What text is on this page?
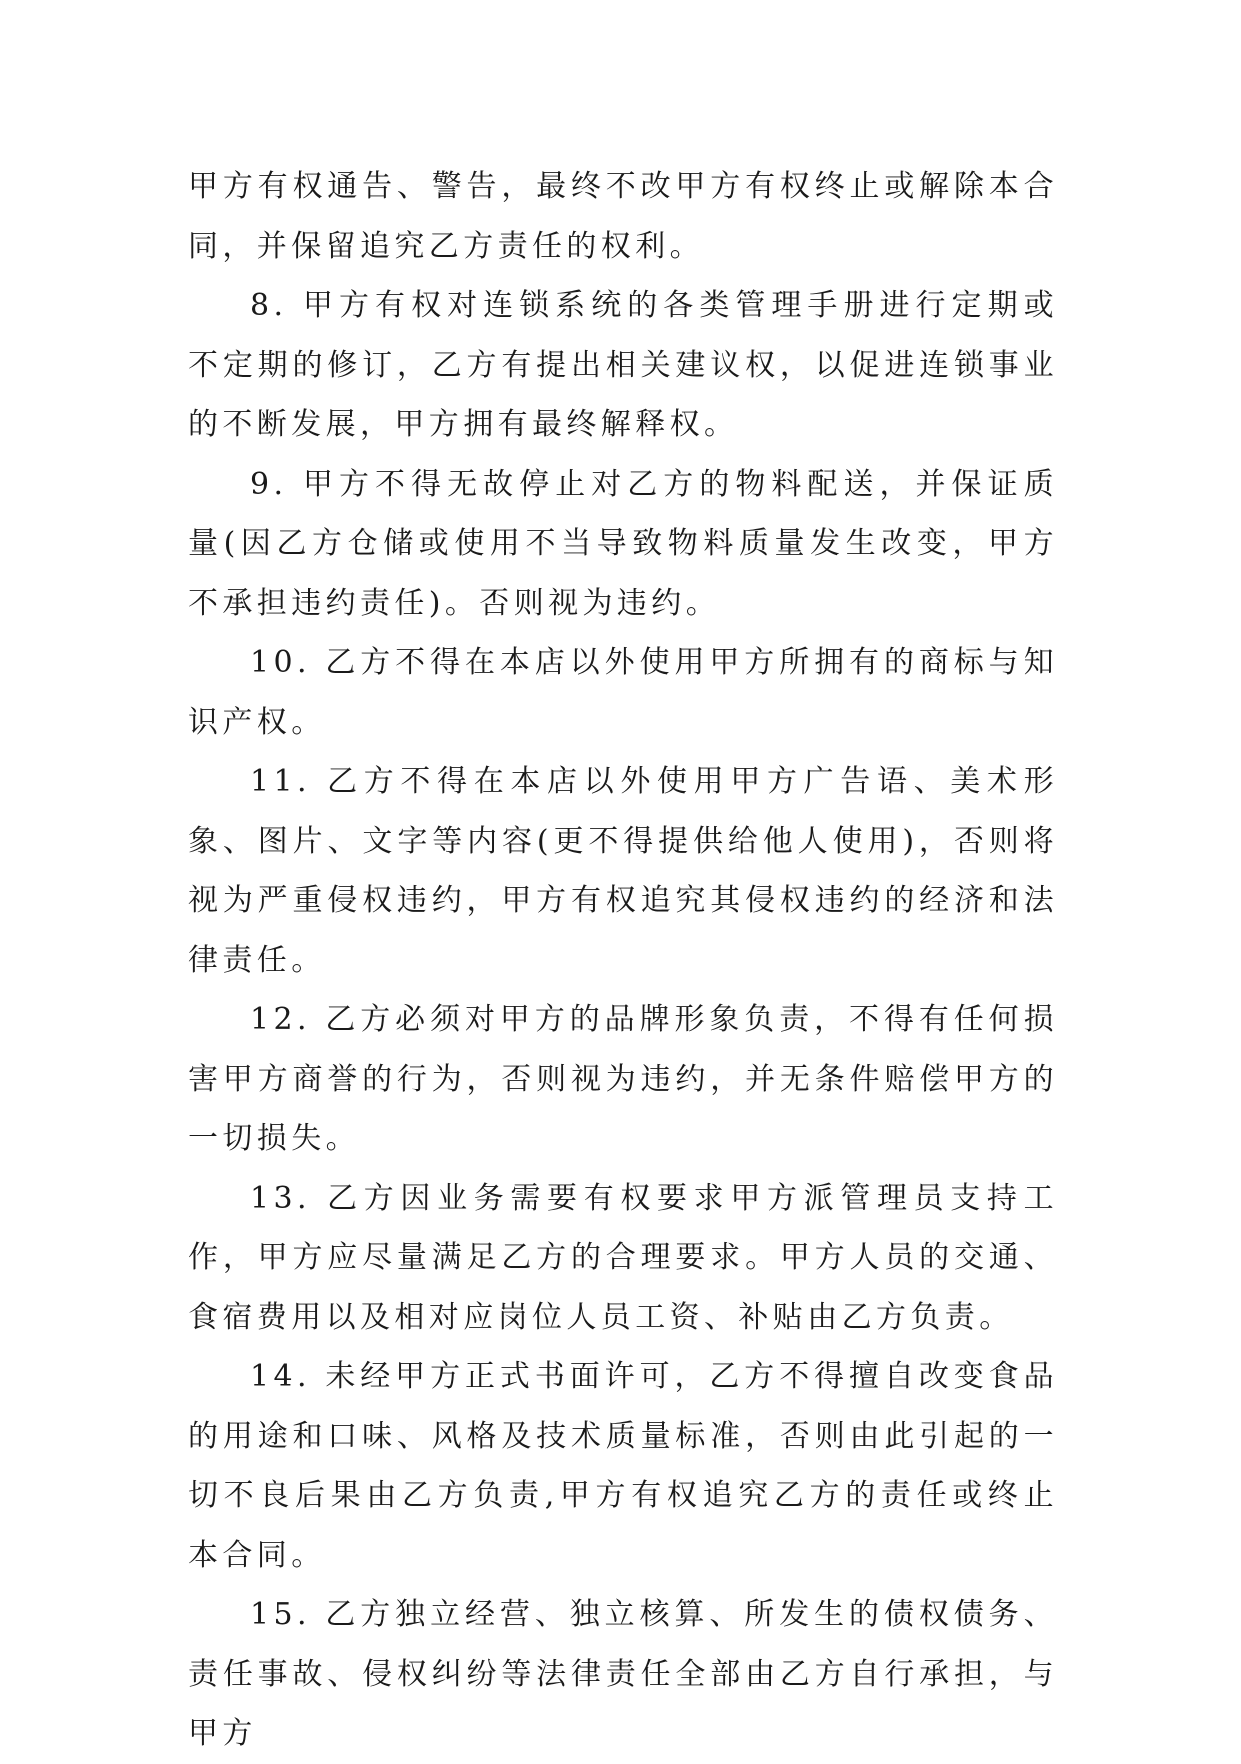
甲方有权通告、警告，最终不改甲方有权终止或解除本合同，并保留追究乙方责任的权利。

8. 甲方有权对连锁系统的各类管理手册进行定期或不定期的修订，乙方有提出相关建议权，以促进连锁事业的不断发展，甲方拥有最终解释权。

9. 甲方不得无故停止对乙方的物料配送，并保证质量(因乙方仓储或使用不当导致物料质量发生改变，甲方不承担违约责任)。否则视为违约。

10. 乙方不得在本店以外使用甲方所拥有的商标与知识产权。

11. 乙方不得在本店以外使用甲方广告语、美术形象、图片、文字等内容(更不得提供给他人使用)，否则将视为严重侵权违约，甲方有权追究其侵权违约的经济和法律责任。

12. 乙方必须对甲方的品牌形象负责，不得有任何损害甲方商誉的行为，否则视为违约，并无条件赔偿甲方的一切损失。

13. 乙方因业务需要有权要求甲方派管理员支持工作，甲方应尽量满足乙方的合理要求。甲方人员的交通、食宿费用以及相对应岗位人员工资、补贴由乙方负责。

14. 未经甲方正式书面许可，乙方不得擅自改变食品的用途和口味、风格及技术质量标准，否则由此引起的一切不良后果由乙方负责,甲方有权追究乙方的责任或终止本合同。

15. 乙方独立经营、独立核算、所发生的债权债务、责任事故、侵权纠纷等法律责任全部由乙方自行承担，与甲方
